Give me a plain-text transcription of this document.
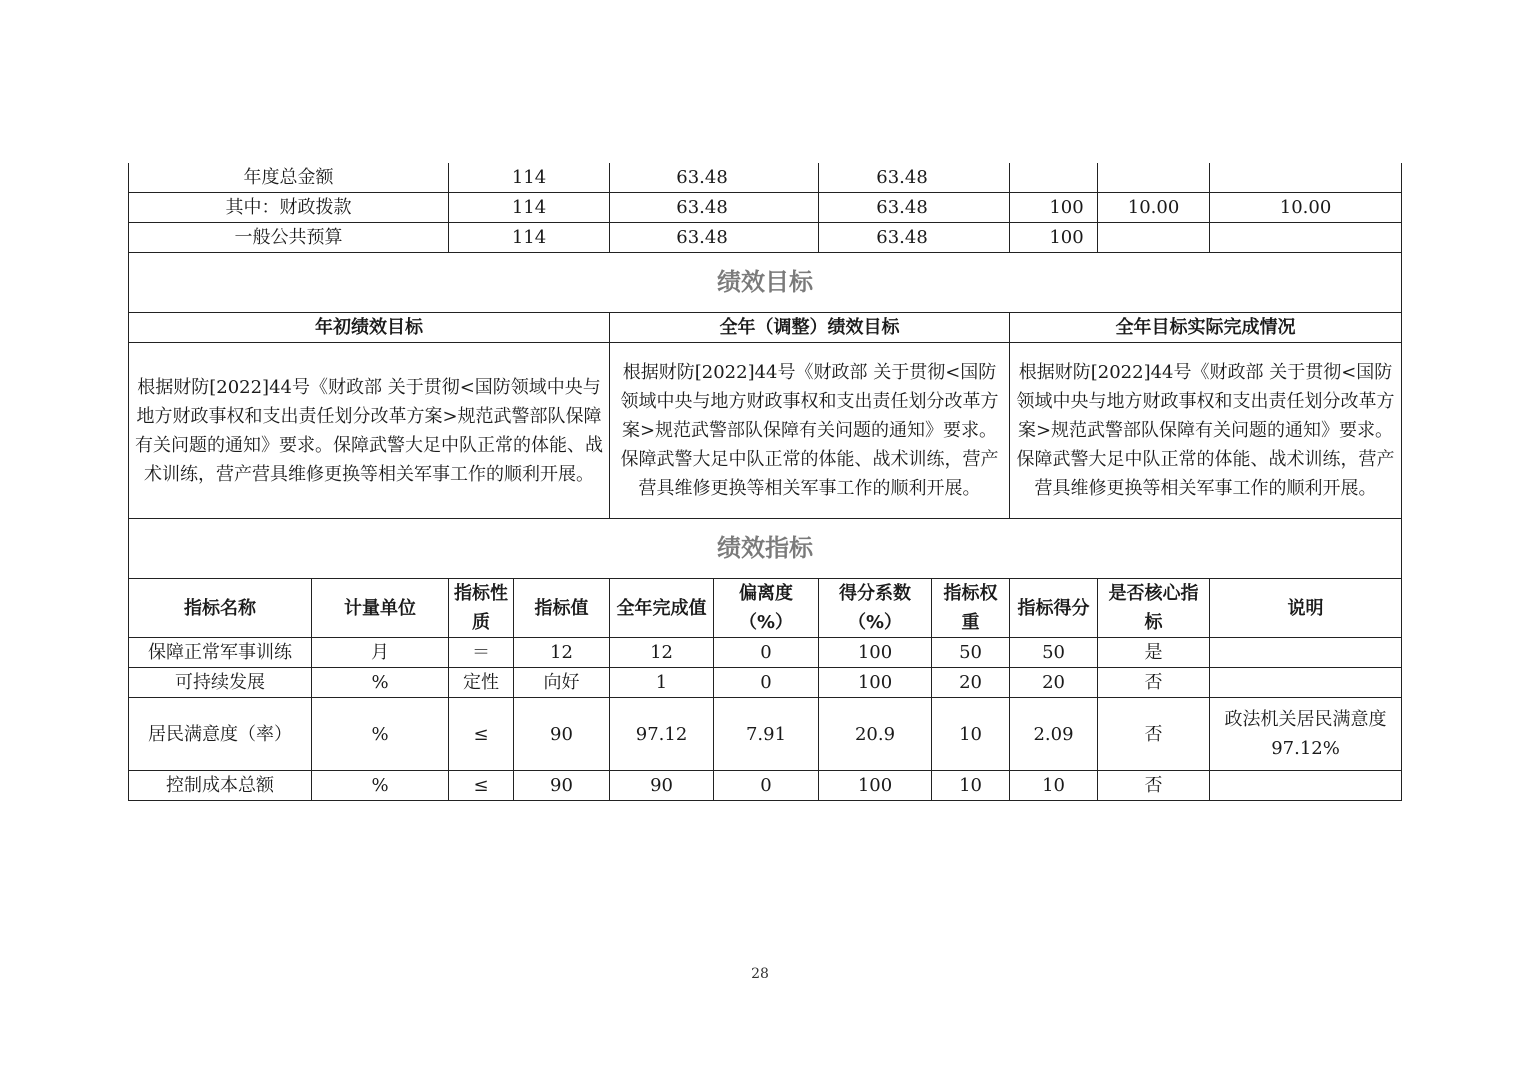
年度总金额		114		63.48		63.48				
其中：财政拨款		114		63.48		63.48		100	10.00	10.00
一般公共预算		114		63.48		63.48		100		
绩效目标										
年初绩效目标				全年（调整）绩效目标				全年目标实际完成情况		
根据财防[2022]44号《财政部 关于贯彻<国防领域中央与地方财政事权和支出责任划分改革方案>规范武警部队保障有关问题的通知》要求。保障武警大足中队正常的体能、战术训练，营产营具维修更换等相关军事工作的顺利开展。				根据财防[2022]44号《财政部 关于贯彻<国防领域中央与地方财政事权和支出责任划分改革方案>规范武警部队保障有关问题的通知》要求。保障武警大足中队正常的体能、战术训练，营产营具维修更换等相关军事工作的顺利开展。				根据财防[2022]44号《财政部 关于贯彻<国防领域中央与地方财政事权和支出责任划分改革方案>规范武警部队保障有关问题的通知》要求。保障武警大足中队正常的体能、战术训练，营产营具维修更换等相关军事工作的顺利开展。		
绩效指标										
指标名称	计量单位	指标性质	指标值	全年完成值	偏离度（%）	得分系数（%）	指标权重	指标得分	是否核心指标	说明
保障正常军事训练	月	＝	12	12	0	100	50	50	是	
可持续发展	%	定性	向好	1	0	100	20	20	否	
居民满意度（率）	%	≤	90	97.12	7.91	20.9	10	2.09	否	政法机关居民满意度97.12%
控制成本总额	%	≤	90	90	0	100	10	10	否	
28
